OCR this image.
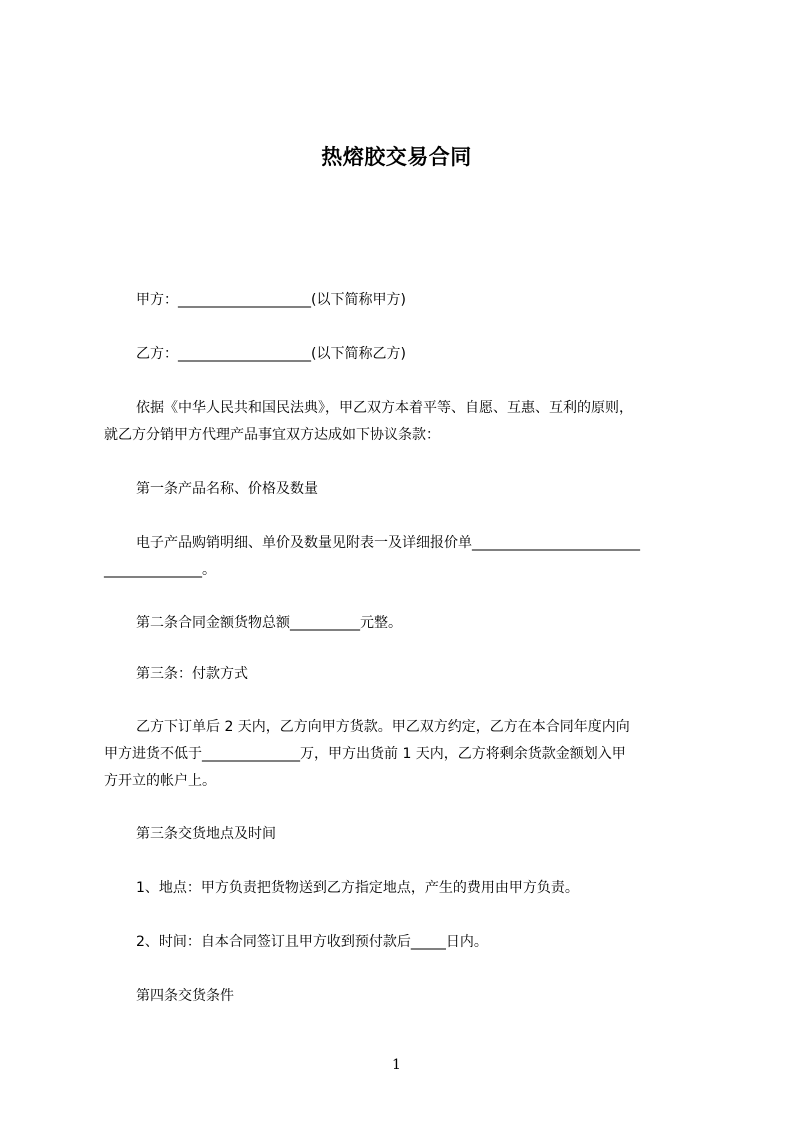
热熔胶交易合同
甲方：___________________(以下简称甲方)
乙方：___________________(以下简称乙方)
依据《中华人民共和国民法典》，甲乙双方本着平等、自愿、互惠、互利的原则，
就乙方分销甲方代理产品事宜双方达成如下协议条款：
第一条产品名称、价格及数量
电子产品购销明细、单价及数量见附表一及详细报价单________________________
______________。
第二条合同金额货物总额__________元整。
第三条：付款方式
乙方下订单后 2 天内，乙方向甲方货款。甲乙双方约定，乙方在本合同年度内向
甲方进货不低于______________万，甲方出货前 1 天内，乙方将剩余货款金额划入甲
方开立的帐户上。
第三条交货地点及时间
1、地点：甲方负责把货物送到乙方指定地点，产生的费用由甲方负责。
2、时间：自本合同签订且甲方收到预付款后_____日内。
第四条交货条件
1
